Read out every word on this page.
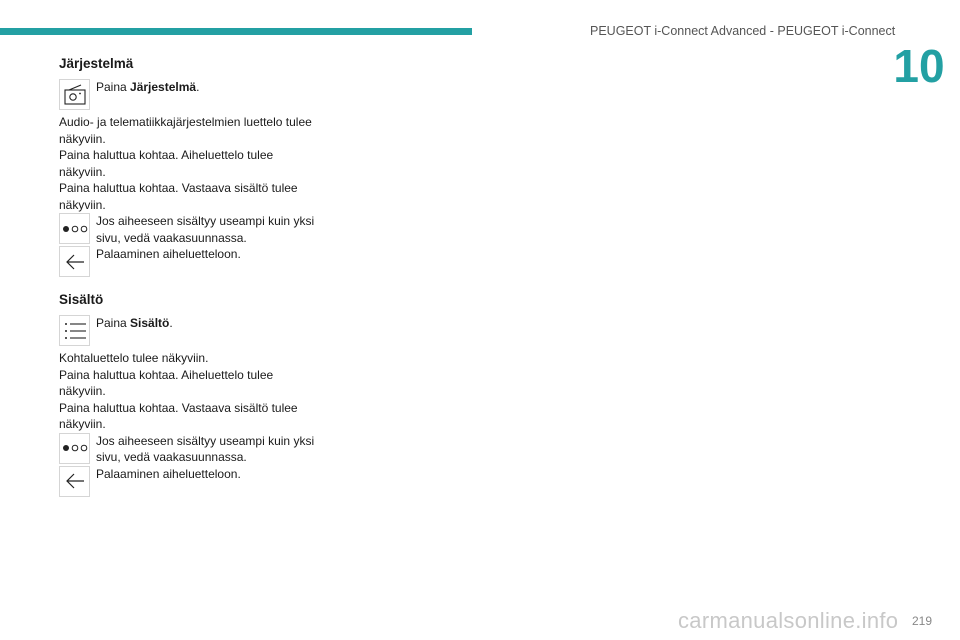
PEUGEOT i-Connect Advanced - PEUGEOT i-Connect
10
Järjestelmä
Paina Järjestelmä.

Audio- ja telematiikkajärjestelmien luettelo tulee näkyviin.

Paina haluttua kohtaa. Aiheluettelo tulee näkyviin.

Paina haluttua kohtaa. Vastaava sisältö tulee näkyviin.

Jos aiheeseen sisältyy useampi kuin yksi sivu, vedä vaakasuunnassa.
Palaaminen aiheluetteloon.
Sisältö
Paina Sisältö.

Kohtaluettelo tulee näkyviin.

Paina haluttua kohtaa. Aiheluettelo tulee näkyviin.

Paina haluttua kohtaa. Vastaava sisältö tulee näkyviin.

Jos aiheeseen sisältyy useampi kuin yksi sivu, vedä vaakasuunnassa.
Palaaminen aiheluetteloon.
carmanualsonline.info 219
